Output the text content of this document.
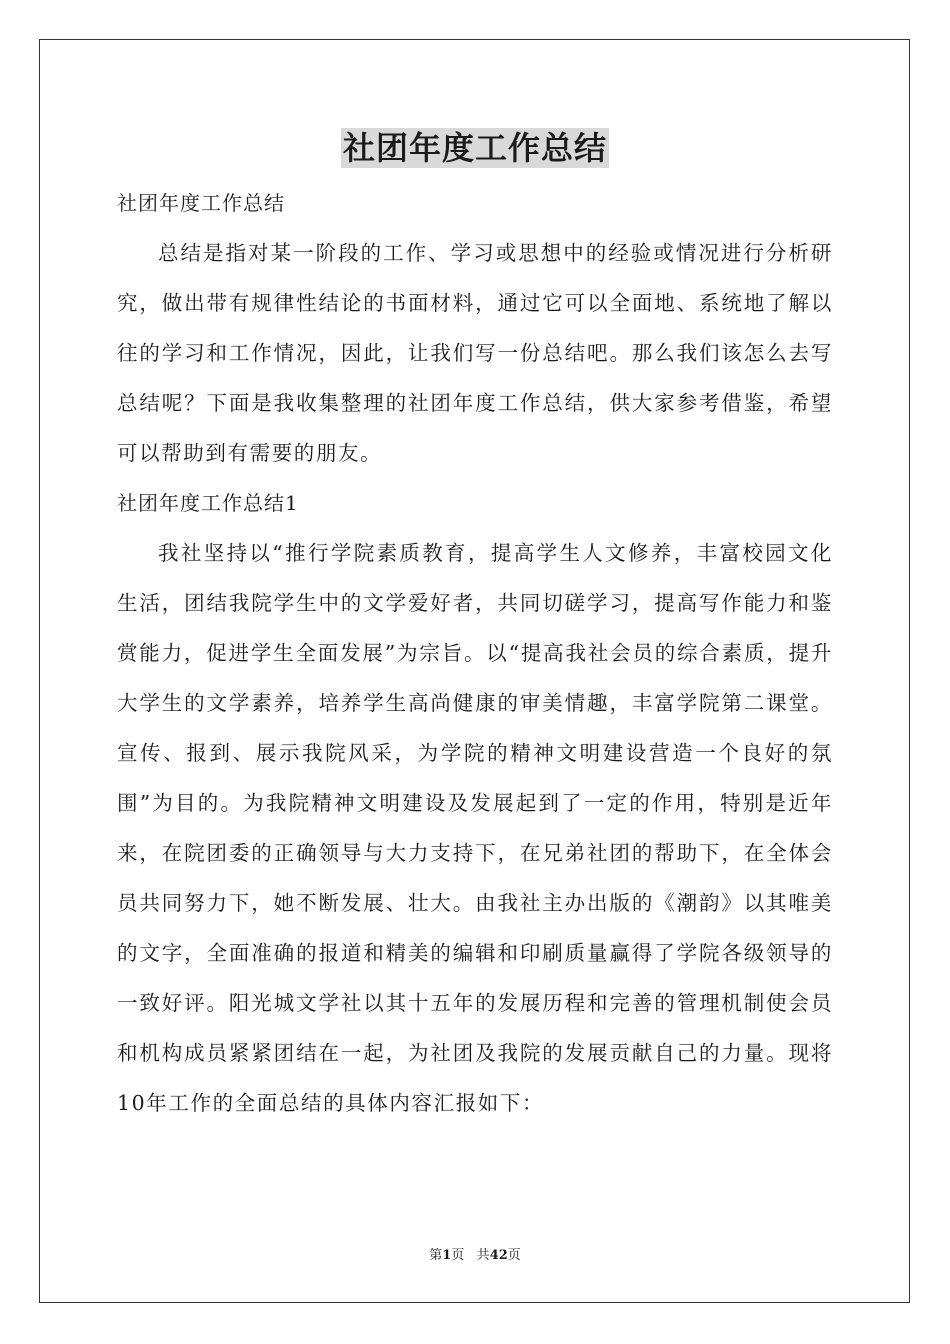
社团年度工作总结
社团年度工作总结

总结是指对某一阶段的工作、学习或思想中的经验或情况进行分析研究，做出带有规律性结论的书面材料，通过它可以全面地、系统地了解以往的学习和工作情况，因此，让我们写一份总结吧。那么我们该怎么去写总结呢？下面是我收集整理的社团年度工作总结，供大家参考借鉴，希望可以帮助到有需要的朋友。

社团年度工作总结1

我社坚持以“推行学院素质教育，提高学生人文修养，丰富校园文化生活，团结我院学生中的文学爱好者，共同切磋学习，提高写作能力和鉴赏能力，促进学生全面发展”为宗旨。以“提高我社会员的综合素质，提升大学生的文学素养，培养学生高尚健康的审美情趣，丰富学院第二课堂。宣传、报到、展示我院风采，为学院的精神文明建设营造一个良好的氛围”为目的。为我院精神文明建设及发展起到了一定的作用，特别是近年来，在院团委的正确领导与大力支持下，在兄弟社团的帮助下，在全体会员共同努力下，她不断发展、壮大。由我社主办出版的《潮韵》以其唯美的文字，全面准确的报道和精美的编辑和印刷质量赢得了学院各级领导的一致好评。阳光城文学社以其十五年的发展历程和完善的管理机制使会员和机构成员紧紧团结在一起，为社团及我院的发展贡献自己的力量。现将10年工作的全面总结的具体内容汇报如下：

第1页 共42页
